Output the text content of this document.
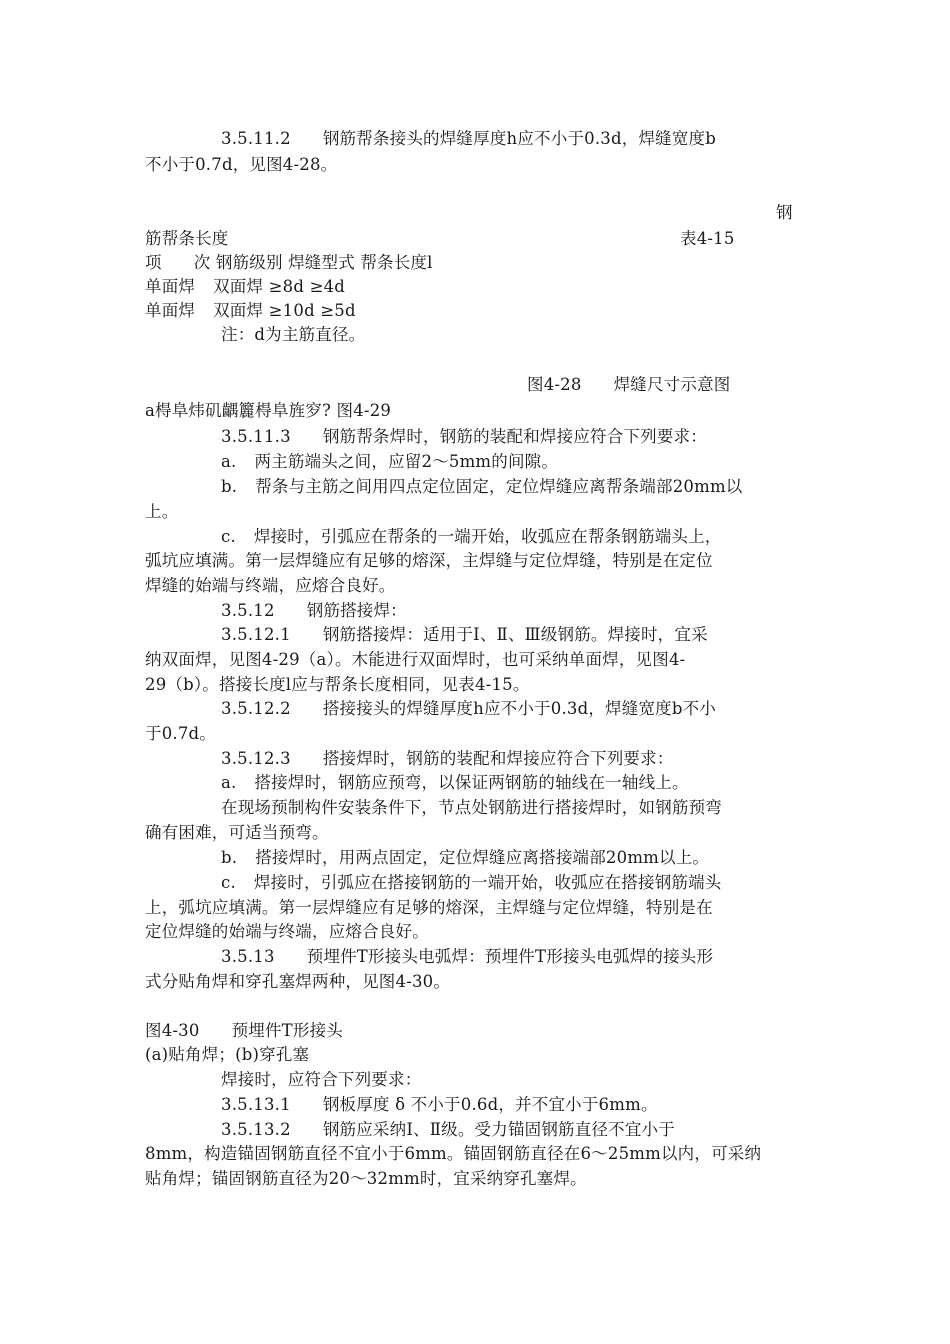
3.5.11.2 钢筋帮条接头的焊缝厚度h应不小于0.3d，焊缝宽度b
不小于0.7d，见图4-28。
钢
筋帮条长度	表4-15
项 次 钢筋级别 焊缝型式 帮条长度l
单面焊 双面焊 ≥8d ≥4d
单面焊 双面焊 ≥10d ≥5d
注：d为主筋直径。
图4-28 焊缝尺寸示意图
a棏阜炜矶齵籭棏阜旌穸? 图4-29
3.5.11.3 钢筋帮条焊时，钢筋的装配和焊接应符合下列要求：
a. 两主筋端头之间，应留2～5mm的间隙。
b. 帮条与主筋之间用四点定位固定，定位焊缝应离帮条端部20mm以
上。
c. 焊接时，引弧应在帮条的一端开始，收弧应在帮条钢筋端头上，
弧坑应填满。第一层焊缝应有足够的熔深，主焊缝与定位焊缝，特别是在定位
焊缝的始端与终端，应熔合良好。
3.5.12 钢筋搭接焊：
3.5.12.1 钢筋搭接焊：适用于Ⅰ、Ⅱ、Ⅲ级钢筋。焊接时，宜采
纳双面焊，见图4-29（a）。木能进行双面焊时，也可采纳单面焊，见图4-
29（b）。搭接长度l应与帮条长度相同，见表4-15。
3.5.12.2 搭接接头的焊缝厚度h应不小于0.3d，焊缝宽度b不小
于0.7d。
3.5.12.3 搭接焊时，钢筋的装配和焊接应符合下列要求：
a. 搭接焊时，钢筋应预弯，以保证两钢筋的轴线在一轴线上。
在现场预制构件安装条件下，节点处钢筋进行搭接焊时，如钢筋预弯
确有困难，可适当预弯。
b. 搭接焊时，用两点固定，定位焊缝应离搭接端部20mm以上。
c. 焊接时，引弧应在搭接钢筋的一端开始，收弧应在搭接钢筋端头
上，弧坑应填满。第一层焊缝应有足够的熔深，主焊缝与定位焊缝，特别是在
定位焊缝的始端与终端，应熔合良好。
3.5.13 预埋件T形接头电弧焊：预埋件T形接头电弧焊的接头形
式分贴角焊和穿孔塞焊两种，见图4-30。
图4-30 预埋件T形接头
(a)贴角焊；(b)穿孔塞
焊接时，应符合下列要求：
3.5.13.1 钢板厚度 δ 不小于0.6d，并不宜小于6mm。
3.5.13.2 钢筋应采纳Ⅰ、Ⅱ级。受力锚固钢筋直径不宜小于
8mm，构造锚固钢筋直径不宜小于6mm。锚固钢筋直径在6～25mm以内，可采纳
贴角焊；锚固钢筋直径为20～32mm时，宜采纳穿孔塞焊。
